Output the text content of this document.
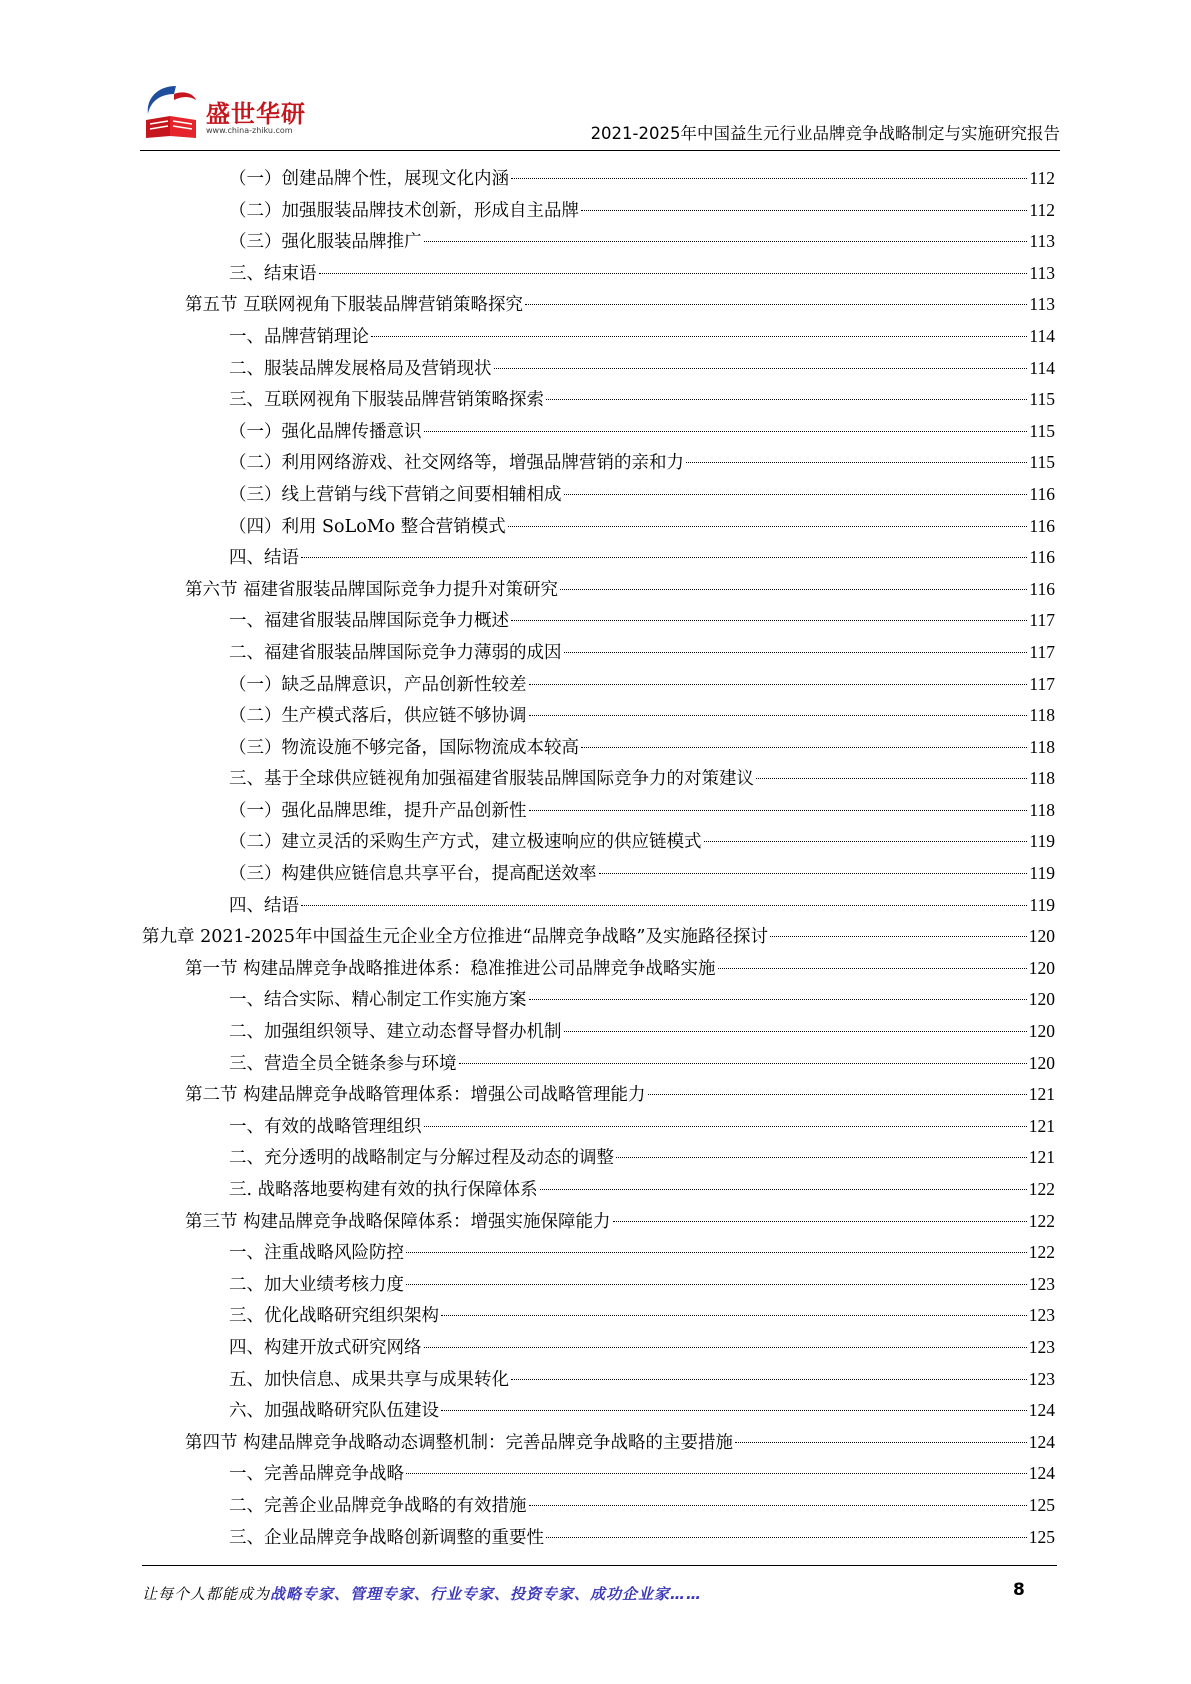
盛世华研
www.china-zhiku.com	2021-2025年中国益生元行业品牌竞争战略制定与实施研究报告
（一）创建品牌个性，展现文化内涵	112
（二）加强服装品牌技术创新，形成自主品牌	112
（三）强化服装品牌推广	113
三、结束语	113
第五节 互联网视角下服装品牌营销策略探究	113
一、品牌营销理论	114
二、服装品牌发展格局及营销现状	114
三、互联网视角下服装品牌营销策略探索	115
（一）强化品牌传播意识	115
（二）利用网络游戏、社交网络等，增强品牌营销的亲和力	115
（三）线上营销与线下营销之间要相辅相成	116
（四）利用 SoLoMo 整合营销模式	116
四、结语	116
第六节 福建省服装品牌国际竞争力提升对策研究	116
一、福建省服装品牌国际竞争力概述	117
二、福建省服装品牌国际竞争力薄弱的成因	117
（一）缺乏品牌意识，产品创新性较差	117
（二）生产模式落后，供应链不够协调	118
（三）物流设施不够完备，国际物流成本较高	118
三、基于全球供应链视角加强福建省服装品牌国际竞争力的对策建议	118
（一）强化品牌思维，提升产品创新性	118
（二）建立灵活的采购生产方式，建立极速响应的供应链模式	119
（三）构建供应链信息共享平台，提高配送效率	119
四、结语	119
第九章 2021-2025年中国益生元企业全方位推进“品牌竞争战略”及实施路径探讨	120
第一节 构建品牌竞争战略推进体系：稳准推进公司品牌竞争战略实施	120
一、结合实际、精心制定工作实施方案	120
二、加强组织领导、建立动态督导督办机制	120
三、营造全员全链条参与环境	120
第二节 构建品牌竞争战略管理体系：增强公司战略管理能力	121
一、有效的战略管理组织	121
二、充分透明的战略制定与分解过程及动态的调整	121
三. 战略落地要构建有效的执行保障体系	122
第三节 构建品牌竞争战略保障体系：增强实施保障能力	122
一、注重战略风险防控	122
二、加大业绩考核力度	123
三、优化战略研究组织架构	123
四、构建开放式研究网络	123
五、加快信息、成果共享与成果转化	123
六、加强战略研究队伍建设	124
第四节 构建品牌竞争战略动态调整机制：完善品牌竞争战略的主要措施	124
一、完善品牌竞争战略	124
二、完善企业品牌竞争战略的有效措施	125
三、企业品牌竞争战略创新调整的重要性	125
让每个人都能成为战略专家、管理专家、行业专家、投资专家、成功企业家……	8
